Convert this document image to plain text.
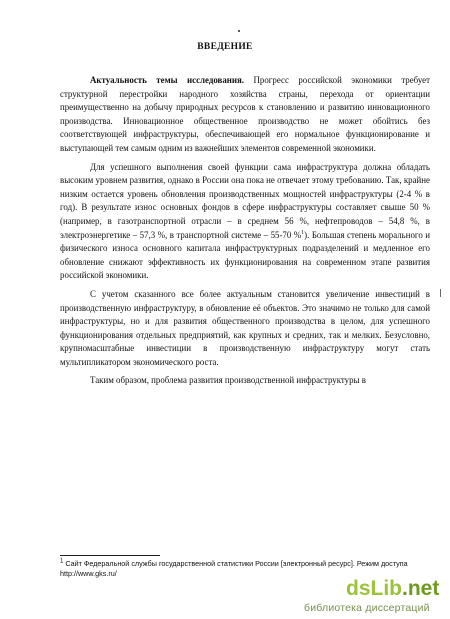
ВВЕДЕНИЕ

Актуальность темы исследования. Прогресс российской экономики требует структурной перестройки народного хозяйства страны, перехода от ориентации преимущественно на добычу природных ресурсов к становлению и развитию инновационного производства. Инновационное общественное производство не может обойтись без соответствующей инфраструктуры, обеспечивающей его нормальное функционирование и выступающей тем самым одним из важнейших элементов современной экономики.

Для успешного выполнения своей функции сама инфраструктура должна обладать высоким уровнем развития, однако в России она пока не отвечает этому требованию. Так, крайне низким остается уровень обновления производственных мощностей инфраструктуры (2-4 % в год). В результате износ основных фондов в сфере инфраструктуры составляет свыше 50 % (например, в газотранспортной отрасли – в среднем 56 %, нефтепроводов – 54,8 %, в электроэнергетике – 57,3 %, в транспортной системе – 55-70 %$^1$). Большая степень морального и физического износа основного капитала инфраструктурных подразделений и медленное его обновление снижают эффективность их функционирования на современном этапе развития российской экономики.

С учетом сказанного все более актуальным становится увеличение инвестиций в производственную инфраструктуру, в обновление её объектов. Это значимо не только для самой инфраструктуры, но и для развития общественного производства в целом, для успешного функционирования отдельных предприятий, как крупных и средних, так и мелких. Безусловно, крупномасштабные инвестиции в производственную инфраструктуру могут стать мультипликатором экономического роста.

Таким образом, проблема развития производственной инфраструктуры в

$^1$ Сайт Федеральной службы государственной статистики России [электронный ресурс]. Режим доступа http://www.gks.ru/
dsLib.net
библиотека диссертаций
